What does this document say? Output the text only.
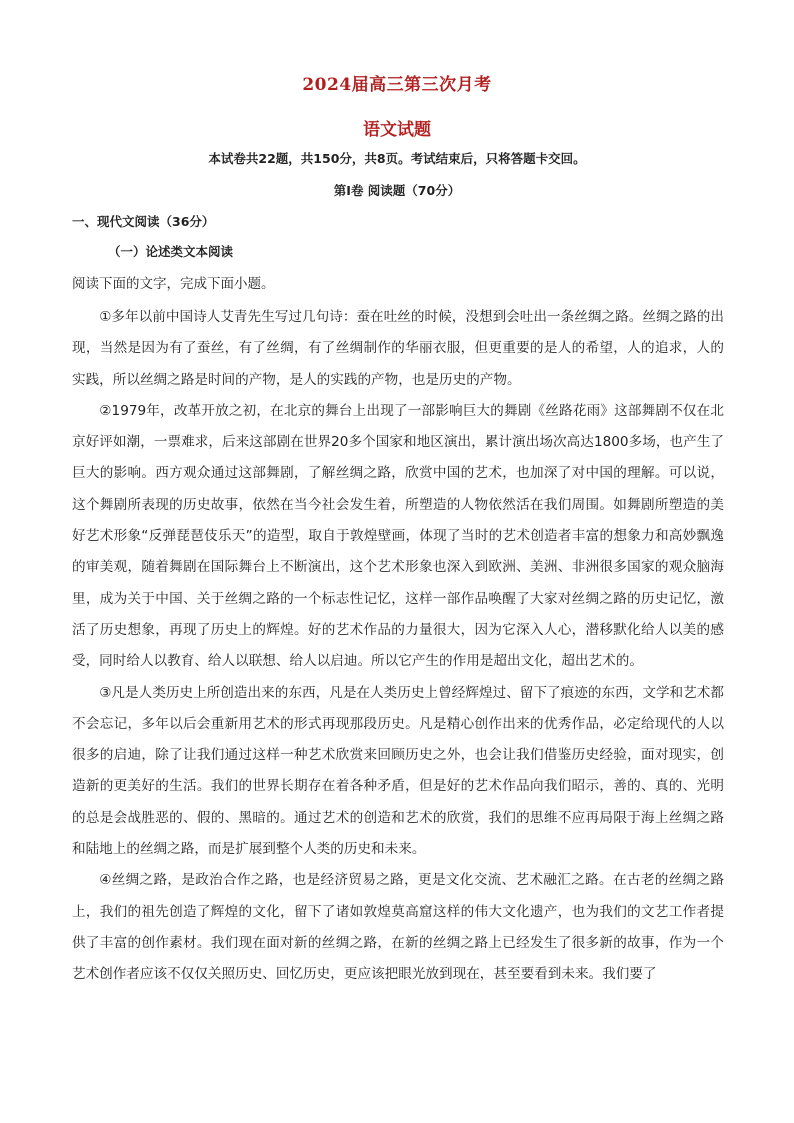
2024届高三第三次月考
语文试题
本试卷共22题，共150分，共8页。考试结束后，只将答题卡交回。
第Ⅰ卷 阅读题（70分）
一、现代文阅读（36分）
（一）论述类文本阅读
阅读下面的文字，完成下面小题。

①多年以前中国诗人艾青先生写过几句诗：蚕在吐丝的时候，没想到会吐出一条丝绸之路。丝绸之路的出现，当然是因为有了蚕丝，有了丝绸，有了丝绸制作的华丽衣服，但更重要的是人的希望，人的追求，人的实践，所以丝绸之路是时间的产物，是人的实践的产物，也是历史的产物。

②1979年，改革开放之初，在北京的舞台上出现了一部影响巨大的舞剧《丝路花雨》这部舞剧不仅在北京好评如潮，一票难求，后来这部剧在世界20多个国家和地区演出，累计演出场次高达1800多场，也产生了巨大的影响。西方观众通过这部舞剧，了解丝绸之路，欣赏中国的艺术，也加深了对中国的理解。可以说，这个舞剧所表现的历史故事，依然在当今社会发生着，所塑造的人物依然活在我们周围。如舞剧所塑造的美好艺术形象“反弹琵琶伎乐天”的造型，取自于敦煌壁画，体现了当时的艺术创造者丰富的想象力和高妙飘逸的审美观，随着舞剧在国际舞台上不断演出，这个艺术形象也深入到欧洲、美洲、非洲很多国家的观众脑海里，成为关于中国、关于丝绸之路的一个标志性记忆，这样一部作品唤醒了大家对丝绸之路的历史记忆，激活了历史想象，再现了历史上的辉煌。好的艺术作品的力量很大，因为它深入人心，潜移默化给人以美的感受，同时给人以教育、给人以联想、给人以启迪。所以它产生的作用是超出文化，超出艺术的。

③凡是人类历史上所创造出来的东西，凡是在人类历史上曾经辉煌过、留下了痕迹的东西，文学和艺术都不会忘记，多年以后会重新用艺术的形式再现那段历史。凡是精心创作出来的优秀作品，必定给现代的人以很多的启迪，除了让我们通过这样一种艺术欣赏来回顾历史之外，也会让我们借鉴历史经验，面对现实，创造新的更美好的生活。我们的世界长期存在着各种矛盾，但是好的艺术作品向我们昭示，善的、真的、光明的总是会战胜恶的、假的、黑暗的。通过艺术的创造和艺术的欣赏，我们的思维不应再局限于海上丝绸之路和陆地上的丝绸之路，而是扩展到整个人类的历史和未来。

④丝绸之路，是政治合作之路，也是经济贸易之路，更是文化交流、艺术融汇之路。在古老的丝绸之路上，我们的祖先创造了辉煌的文化，留下了诸如敦煌莫高窟这样的伟大文化遗产，也为我们的文艺工作者提供了丰富的创作素材。我们现在面对新的丝绸之路，在新的丝绸之路上已经发生了很多新的故事，作为一个艺术创作者应该不仅仅关照历史、回忆历史，更应该把眼光放到现在，甚至要看到未来。我们要了
